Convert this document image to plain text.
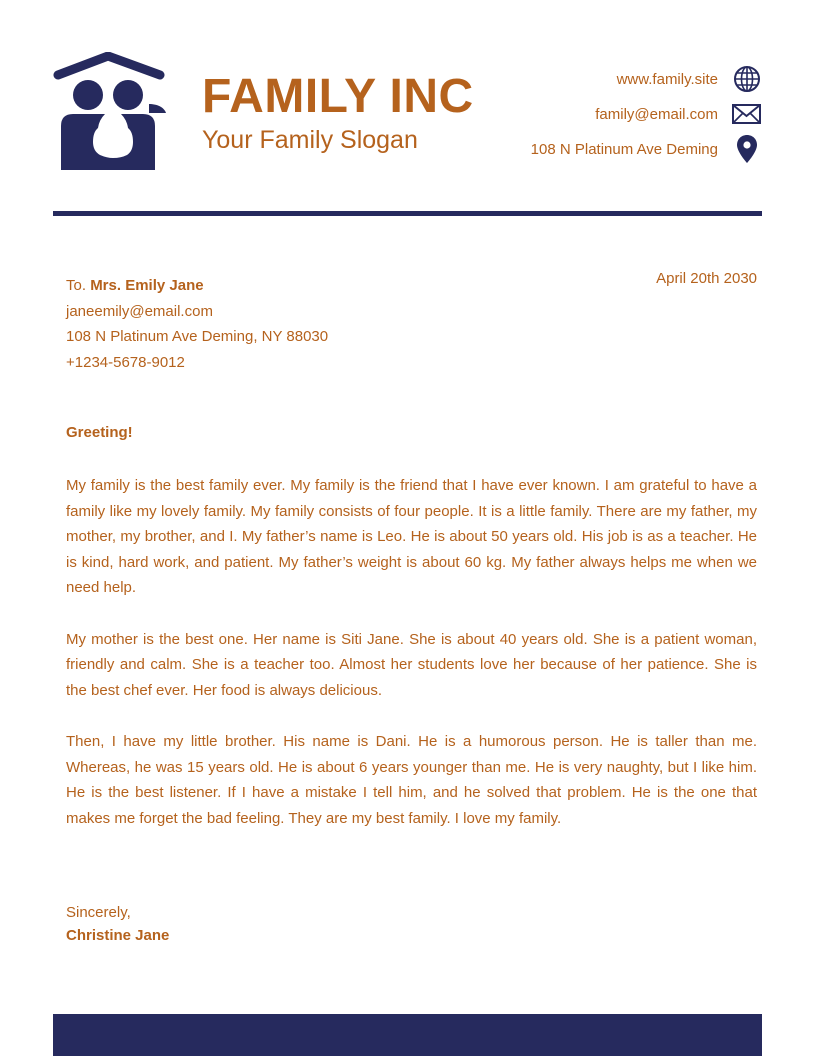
FAMILY INC
Your Family Slogan
www.family.site
family@email.com
108 N Platinum Ave Deming
To. Mrs. Emily Jane
janeemily@email.com
108 N Platinum Ave Deming, NY 88030
+1234-5678-9012
April 20th 2030
Greeting!

My family is the best family ever. My family is the friend that I have ever known. I am grateful to have a family like my lovely family. My family consists of four people. It is a little family. There are my father, my mother, my brother, and I. My father’s name is Leo. He is about 50 years old. His job is as a teacher. He is kind, hard work, and patient. My father’s weight is about 60 kg. My father always helps me when we need help.

My mother is the best one. Her name is Siti Jane. She is about 40 years old. She is a patient woman, friendly and calm. She is a teacher too. Almost her students love her because of her patience. She is the best chef ever. Her food is always delicious.

Then, I have my little brother. His name is Dani. He is a humorous person. He is taller than me. Whereas, he was 15 years old. He is about 6 years younger than me. He is very naughty, but I like him. He is the best listener. If I have a mistake I tell him, and he solved that problem. He is the one that makes me forget the bad feeling. They are my best family. I love my family.

Sincerely,
Christine Jane
